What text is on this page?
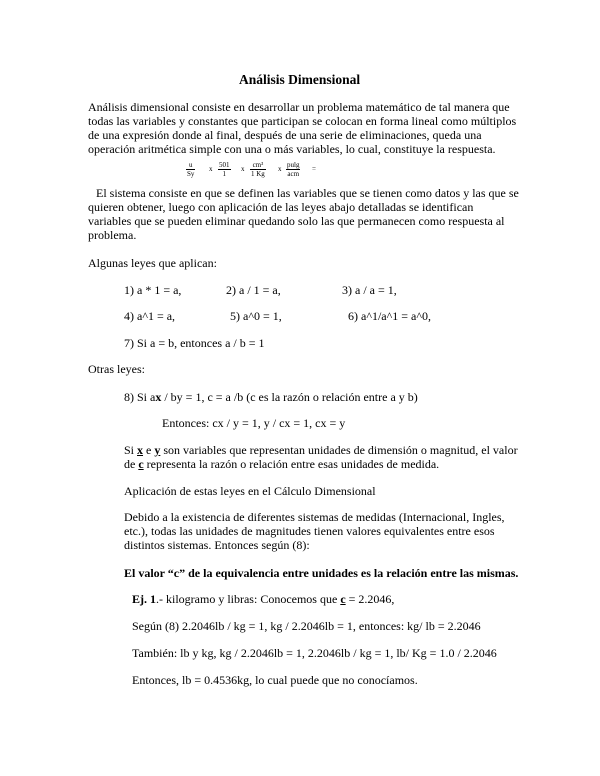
Análisis Dimensional
Análisis dimensional consiste en desarrollar un problema matemático de tal manera que
todas las variables y constantes que participan se colocan en forma lineal como múltiplos
de una expresión donde al final, después de una serie de eliminaciones, queda una
operación aritmética simple con una o más variables, lo cual, constituye la respuesta.
$\frac{u}{Sy}$ x $\frac{501}{1}$ x $\frac{\text{cm³}}{1 Kg}$ x pulg
acm
=
El sistema consiste en que se definen las variables que se tienen como datos y las que se
quieren obtener, luego con aplicación de las leyes abajo detalladas se identifican
variables que se pueden eliminar quedando solo las que permanecen como respuesta al
problema.
Algunas leyes que aplican:
1) a * 1 = a,	2) a / 1 = a,	3) a / a = 1,
4) a^1 = a,	5) a^0 = 1,	6) a^1/a^1 = a^0,
7) Si a = b, entonces a / b = 1
Otras leyes:
8) Si ax / by = 1, c = a /b (c es la razón o relación entre a y b)
Entonces: cx / y = 1, y / cx = 1, cx = y
Si x e y son variables que representan unidades de dimensión o magnitud, el valor
de c representa la razón o relación entre esas unidades de medida.
Aplicación de estas leyes en el Cálculo Dimensional
Debido a la existencia de diferentes sistemas de medidas (Internacional, Ingles,
etc.), todas las unidades de magnitudes tienen valores equivalentes entre esos
distintos sistemas. Entonces según (8):
El valor “c” de la equivalencia entre unidades es la relación entre las mismas.
Ej. 1.- kilogramo y libras: Conocemos que c = 2.2046,
Según (8) 2.2046lb / kg = 1, kg / 2.2046lb = 1, entonces: kg/ lb = 2.2046
También: lb y kg, kg / 2.2046lb = 1, 2.2046lb / kg = 1, lb/ Kg = 1.0 / 2.2046
Entonces, lb = 0.4536kg, lo cual puede que no conocíamos.
